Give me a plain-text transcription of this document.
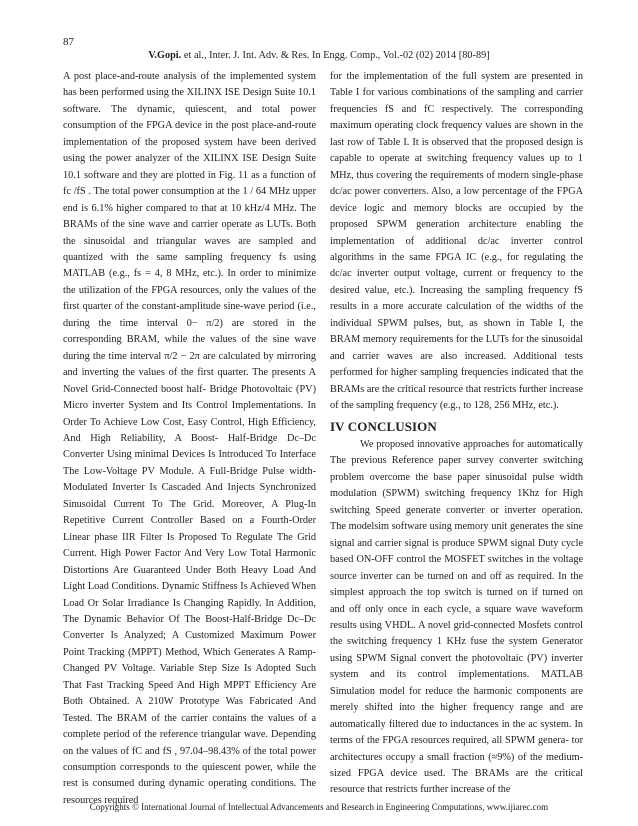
87
V.Gopi. et al., Inter. J. Int. Adv. & Res. In Engg. Comp., Vol.-02 (02) 2014 [80-89]

A post place-and-route analysis of the implemented system has been performed using the XILINX ISE Design Suite 10.1 software. The dynamic, quiescent, and total power consumption of the FPGA device in the post place-and-route implementation of the proposed system have been derived using the power analyzer of the XILINX ISE Design Suite 10.1 software and they are plotted in Fig. 11 as a function of fc /fS . The total power consumption at the 1 / 64 MHz upper end is 6.1% higher compared to that at 10 kHz/4 MHz. The BRAMs of the sine wave and carrier operate as LUTs. Both the sinusoidal and triangular waves are sampled and quantized with the same sampling frequency fs using MATLAB (e.g., fs = 4, 8 MHz, etc.). In order to minimize the utilization of the FPGA resources, only the values of the first quarter of the constant-amplitude sine-wave period (i.e., during the time interval 0− π/2) are stored in the corresponding BRAM, while the values of the sine wave during the time interval π/2 − 2π are calculated by mirroring and inverting the values of the first quarter. The presents A Novel Grid-Connected boost half- Bridge Photovoltaic (PV) Micro inverter System and Its Control Implementations. In Order To Achieve Low Cost, Easy Control, High Efficiency, And High Reliability, A Boost- Half-Bridge Dc–Dc Converter Using minimal Devices Is Introduced To Interface The Low-Voltage PV Module. A Full-Bridge Pulse width-Modulated Inverter Is Cascaded And Injects Synchronized Sinusoidal Current To The Grid. Moreover, A Plug-In Repetitive Current Controller Based on a Fourth-Order Linear phase IIR Filter Is Proposed To Regulate The Grid Current. High Power Factor And Very Low Total Harmonic Distortions Are Guaranteed Under Both Heavy Load And Light Load Conditions. Dynamic Stiffness Is Achieved When Load Or Solar Irradiance Is Changing Rapidly. In Addition, The Dynamic Behavior Of The Boost-Half-Bridge Dc–Dc Converter Is Analyzed; A Customized Maximum Power Point Tracking (MPPT) Method, Which Generates A Ramp-Changed PV Voltage. Variable Step Size Is Adopted Such That Fast Tracking Speed And High MPPT Efficiency Are Both Obtained. A 210W Prototype Was Fabricated And Tested. The BRAM of the carrier contains the values of a complete period of the reference triangular wave. Depending on the values of fC and fS , 97.04–98.43% of the total power consumption corresponds to the quiescent power, while the rest is consumed during dynamic operating conditions. The resources required

for the implementation of the full system are presented in Table I for various combinations of the sampling and carrier frequencies fS and fC respectively. The corresponding maximum operating clock frequency values are shown in the last row of Table I. It is observed that the proposed design is capable to operate at switching frequency values up to 1 MHz, thus covering the requirements of modern single-phase dc/ac power converters. Also, a low percentage of the FPGA device logic and memory blocks are occupied by the proposed SPWM generation architecture enabling the implementation of additional dc/ac inverter control algorithms in the same FPGA IC (e.g., for regulating the dc/ac inverter output voltage, current or frequency to the desired value, etc.). Increasing the sampling frequency fS results in a more accurate calculation of the widths of the individual SPWM pulses, but, as shown in Table I, the BRAM memory requirements for the LUTs for the sinusoidal and carrier waves are also increased. Additional tests performed for higher sampling frequencies indicated that the BRAMs are the critical resource that restricts further increase of the sampling frequency (e.g., to 128, 256 MHz, etc.).

IV CONCLUSION

We proposed innovative approaches for automatically The previous Reference paper survey converter switching problem overcome the base paper sinusoidal pulse width modulation (SPWM) switching frequency 1Khz for High switching Speed generate converter or inverter operation. The modelsim software using memory unit generates the sine signal and carrier signal is produce SPWM signal Duty cycle based ON-OFF control the MOSFET switches in the voltage source inverter can be turned on and off as required. In the simplest approach the top switch is turned on if turned on and off only once in each cycle, a square wave waveform results using VHDL. A novel grid-connected Mosfets control the switching frequency 1 KHz fuse the system Generator using SPWM Signal convert the photovoltaic (PV) inverter system and its control implementations. MATLAB Simulation model for reduce the harmonic components are merely shifted into the higher frequency range and are automatically filtered due to inductances in the ac system. In terms of the FPGA resources required, all SPWM genera- tor architectures occupy a small fraction (≈9%) of the medium- sized FPGA device used. The BRAMs are the critical resource that restricts further increase of the

Copyrights © International Journal of Intellectual Advancements and Research in Engineering Computations, www.ijiarec.com
